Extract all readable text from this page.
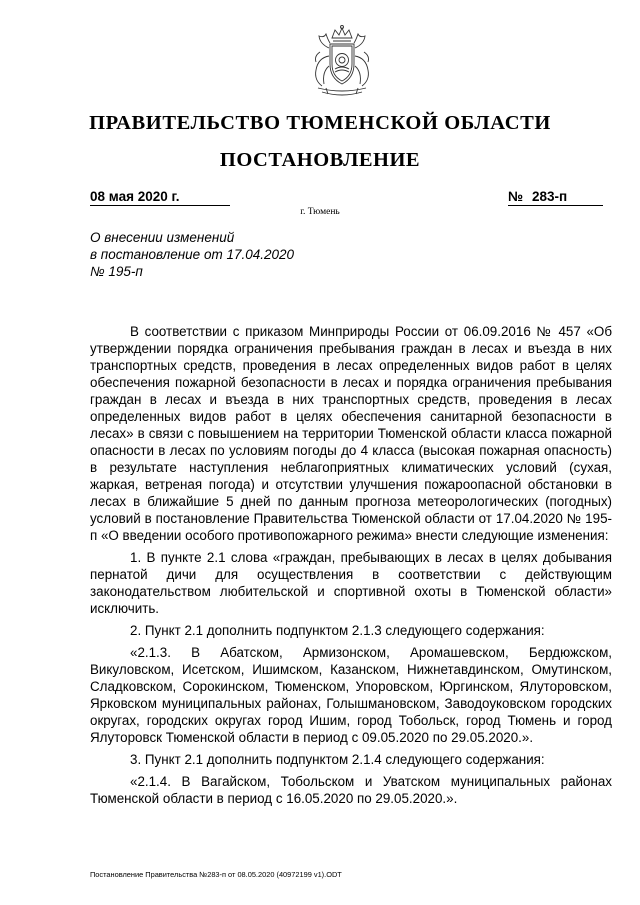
ПРАВИТЕЛЬСТВО ТЮМЕНСКОЙ ОБЛАСТИ
ПОСТАНОВЛЕНИЕ
08 мая 2020 г.	№ 283-п
г. Тюмень
О внесении изменений
в постановление от 17.04.2020
№ 195-п

В соответствии с приказом Минприроды России от 06.09.2016 № 457 «Об утверждении порядка ограничения пребывания граждан в лесах и въезда в них транспортных средств, проведения в лесах определенных видов работ в целях обеспечения пожарной безопасности в лесах и порядка ограничения пребывания граждан в лесах и въезда в них транспортных средств, проведения в лесах определенных видов работ в целях обеспечения санитарной безопасности в лесах» в связи с повышением на территории Тюменской области класса пожарной опасности в лесах по условиям погоды до 4 класса (высокая пожарная опасность) в результате наступления неблагоприятных климатических условий (сухая, жаркая, ветреная погода) и отсутствии улучшения пожароопасной обстановки в лесах в ближайшие 5 дней по данным прогноза метеорологических (погодных) условий в постановление Правительства Тюменской области от 17.04.2020 № 195-п «О введении особого противопожарного режима» внести следующие изменения:

1. В пункте 2.1 слова «граждан, пребывающих в лесах в целях добывания пернатой дичи для осуществления в соответствии с действующим законодательством любительской и спортивной охоты в Тюменской области» исключить.

2. Пункт 2.1 дополнить подпунктом 2.1.3 следующего содержания:

«2.1.3. В Абатском, Армизонском, Аромашевском, Бердюжском, Викуловском, Исетском, Ишимском, Казанском, Нижнетавдинском, Омутинском, Сладковском, Сорокинском, Тюменском, Упоровском, Юргинском, Ялуторовском, Ярковском муниципальных районах, Голышмановском, Заводоуковском городских округах, городских округах город Ишим, город Тобольск, город Тюмень и город Ялуторовск Тюменской области в период с 09.05.2020 по 29.05.2020.».

3. Пункт 2.1 дополнить подпунктом 2.1.4 следующего содержания:

«2.1.4. В Вагайском, Тобольском и Уватском муниципальных районах Тюменской области в период с 16.05.2020 по 29.05.2020.».

Постановление Правительства №283-п от 08.05.2020 (40972199 v1).ODT
